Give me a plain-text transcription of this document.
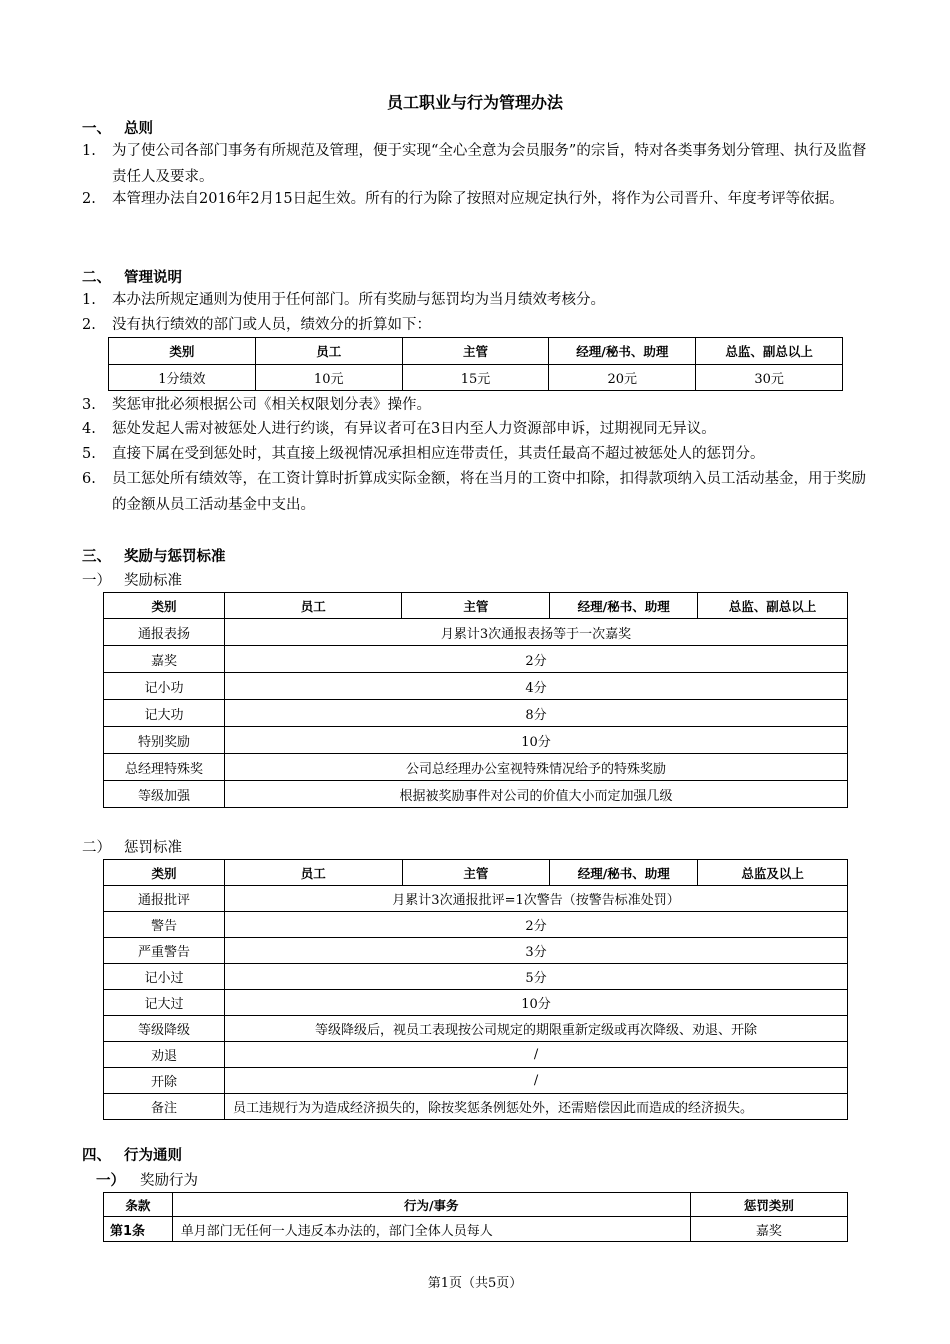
员工职业与行为管理办法
一、 总则
1. 为了使公司各部门事务有所规范及管理，便于实现“全心全意为会员服务”的宗旨，特对各类事务划分管理、执行及监督责任人及要求。
2. 本管理办法自2016年2月15日起生效。所有的行为除了按照对应规定执行外，将作为公司晋升、年度考评等依据。
二、 管理说明
1. 本办法所规定通则为使用于任何部门。所有奖励与惩罚均为当月绩效考核分。
2. 没有执行绩效的部门或人员，绩效分的折算如下：
类别	员工	主管	经理/秘书、助理	总监、副总以上
1分绩效	10元	15元	20元	30元
3. 奖惩审批必须根据公司《相关权限划分表》操作。
4. 惩处发起人需对被惩处人进行约谈，有异议者可在3日内至人力资源部申诉，过期视同无异议。
5. 直接下属在受到惩处时，其直接上级视情况承担相应连带责任，其责任最高不超过被惩处人的惩罚分。
6. 员工惩处所有绩效等，在工资计算时折算成实际金额，将在当月的工资中扣除，扣得款项纳入员工活动基金，用于奖励的金额从员工活动基金中支出。
三、 奖励与惩罚标准
一） 奖励标准
类别	员工	主管	经理/秘书、助理	总监、副总以上
通报表扬	月累计3次通报表扬等于一次嘉奖			
嘉奖	2分			
记小功	4分			
记大功	8分			
特别奖励	10分			
总经理特殊奖	公司总经理办公室视特殊情况给予的特殊奖励			
等级加强	根据被奖励事件对公司的价值大小而定加强几级			
二） 惩罚标准
类别	员工	主管	经理/秘书、助理	总监及以上
通报批评	月累计3次通报批评=1次警告（按警告标准处罚）			
警告	2分			
严重警告	3分			
记小过	5分			
记大过	10分			
等级降级	等级降级后，视员工表现按公司规定的期限重新定级或再次降级、劝退、开除			
劝退	/			
开除	/			
备注	员工违规行为为造成经济损失的，除按奖惩条例惩处外，还需赔偿因此而造成的经济损失。			
四、 行为通则
一） 奖励行为
条款	行为/事务	惩罚类别
第1条	单月部门无任何一人违反本办法的，部门全体人员每人	嘉奖
第1页（共5页）
